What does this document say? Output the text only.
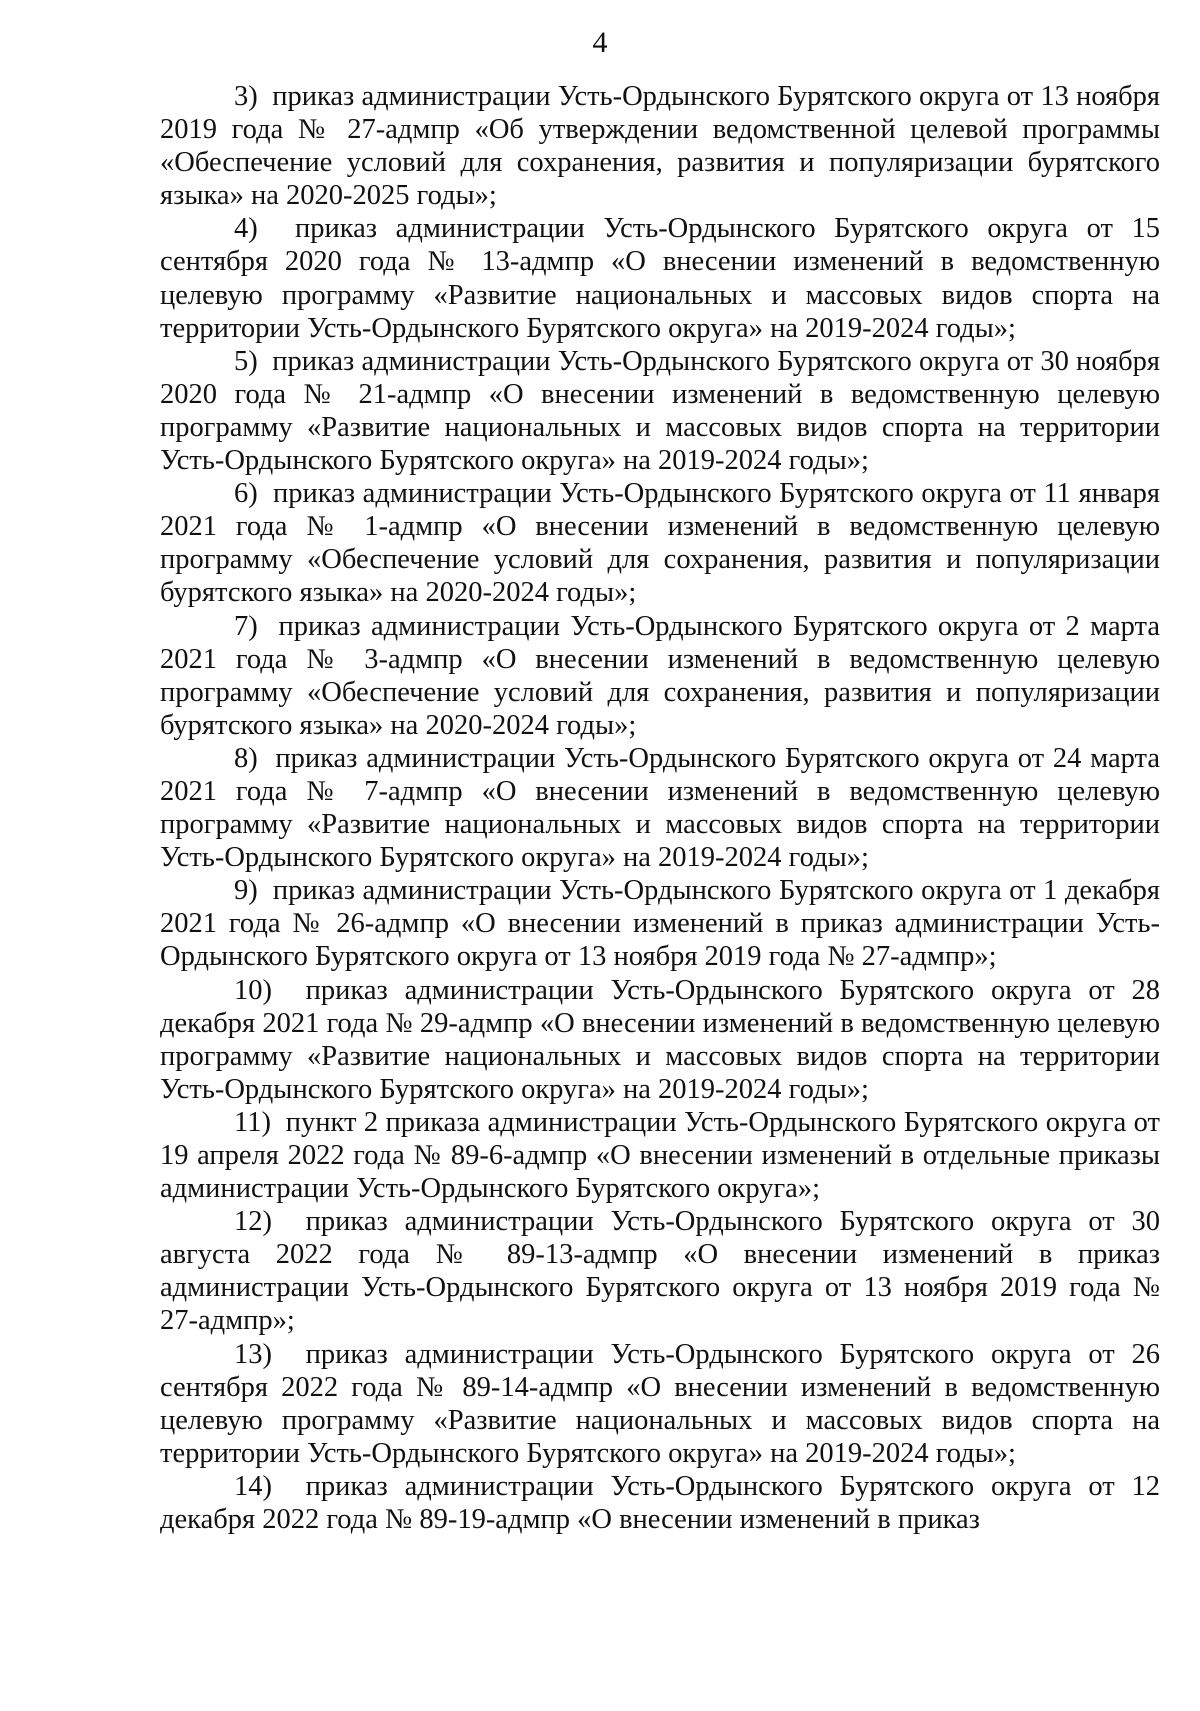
4

3) приказ администрации Усть-Ордынского Бурятского округа от 13 ноября 2019 года № 27-адмпр «Об утверждении ведомственной целевой программы «Обеспечение условий для сохранения, развития и популяризации бурятского языка» на 2020-2025 годы»;

4) приказ администрации Усть-Ордынского Бурятского округа от 15 сентября 2020 года № 13-адмпр «О внесении изменений в ведомственную целевую программу «Развитие национальных и массовых видов спорта на территории Усть-Ордынского Бурятского округа» на 2019-2024 годы»;

5) приказ администрации Усть-Ордынского Бурятского округа от 30 ноября 2020 года № 21-адмпр «О внесении изменений в ведомственную целевую программу «Развитие национальных и массовых видов спорта на территории Усть-Ордынского Бурятского округа» на 2019-2024 годы»;

6) приказ администрации Усть-Ордынского Бурятского округа от 11 января 2021 года № 1-адмпр «О внесении изменений в ведомственную целевую программу «Обеспечение условий для сохранения, развития и популяризации бурятского языка» на 2020-2024 годы»;

7) приказ администрации Усть-Ордынского Бурятского округа от 2 марта 2021 года № 3-адмпр «О внесении изменений в ведомственную целевую программу «Обеспечение условий для сохранения, развития и популяризации бурятского языка» на 2020-2024 годы»;

8) приказ администрации Усть-Ордынского Бурятского округа от 24 марта 2021 года № 7-адмпр «О внесении изменений в ведомственную целевую программу «Развитие национальных и массовых видов спорта на территории Усть-Ордынского Бурятского округа» на 2019-2024 годы»;

9) приказ администрации Усть-Ордынского Бурятского округа от 1 декабря 2021 года № 26-адмпр «О внесении изменений в приказ администрации Усть-Ордынского Бурятского округа от 13 ноября 2019 года № 27-адмпр»;

10) приказ администрации Усть-Ордынского Бурятского округа от 28 декабря 2021 года № 29-адмпр «О внесении изменений в ведомственную целевую программу «Развитие национальных и массовых видов спорта на территории Усть-Ордынского Бурятского округа» на 2019-2024 годы»;

11) пункт 2 приказа администрации Усть-Ордынского Бурятского округа от 19 апреля 2022 года № 89-6-адмпр «О внесении изменений в отдельные приказы администрации Усть-Ордынского Бурятского округа»;

12) приказ администрации Усть-Ордынского Бурятского округа от 30 августа 2022 года № 89-13-адмпр «О внесении изменений в приказ администрации Усть-Ордынского Бурятского округа от 13 ноября 2019 года № 27-адмпр»;

13) приказ администрации Усть-Ордынского Бурятского округа от 26 сентября 2022 года № 89-14-адмпр «О внесении изменений в ведомственную целевую программу «Развитие национальных и массовых видов спорта на территории Усть-Ордынского Бурятского округа» на 2019-2024 годы»;

14) приказ администрации Усть-Ордынского Бурятского округа от 12 декабря 2022 года № 89-19-адмпр «О внесении изменений в приказ
